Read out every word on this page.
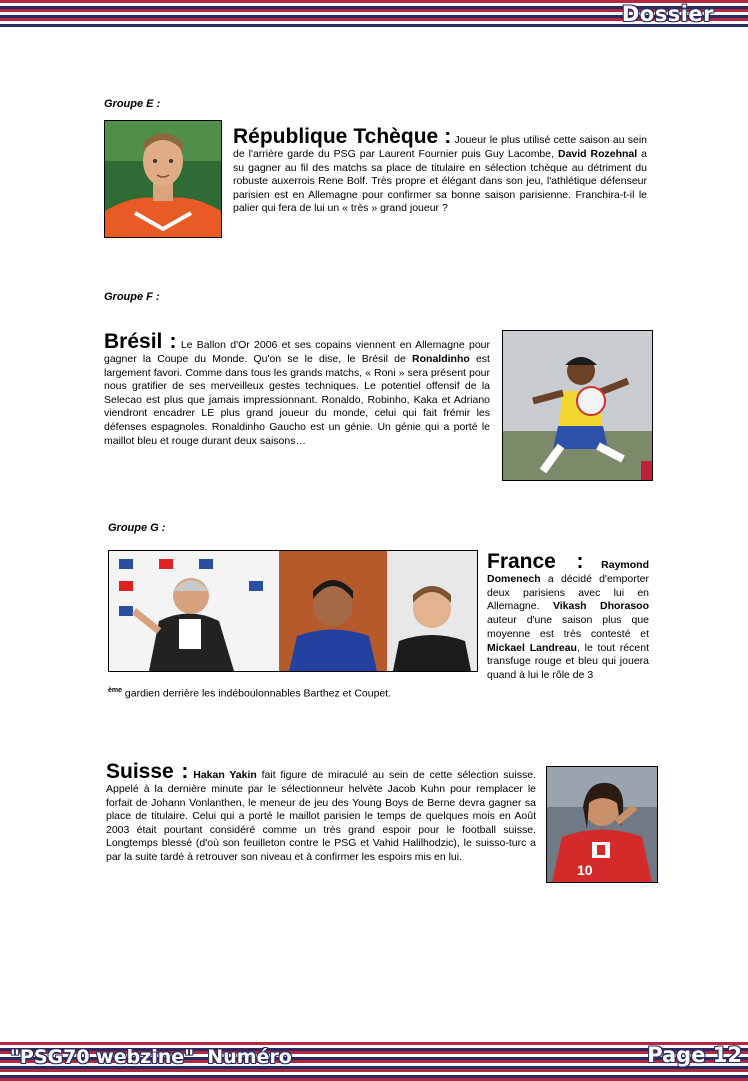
Dossier
Groupe E :

République Tchèque : Joueur le plus utilisé cette saison au sein de l'arrière garde du PSG par Laurent Fournier puis Guy Lacombe, David Rozehnal a su gagner au fil des matchs sa place de titulaire en sélection tchèque au détriment du robuste auxerrois Rene Bolf. Très propre et élégant dans son jeu, l'athlétique défenseur parisien est en Allemagne pour confirmer sa bonne saison parisienne. Franchira-t-il le palier qui fera de lui un « très » grand joueur ?

Groupe F :

Brésil : Le Ballon d'Or 2006 et ses copains viennent en Allemagne pour gagner la Coupe du Monde. Qu'on se le dise, le Brésil de Ronaldinho est largement favori. Comme dans tous les grands matchs, « Roni » sera présent pour nous gratifier de ses merveilleux gestes techniques. Le potentiel offensif de la Selecao est plus que jamais impressionnant. Ronaldo, Robinho, Kaka et Adriano viendront encadrer LE plus grand joueur du monde, celui qui fait frémir les défenses espagnoles. Ronaldinho Gaucho est un génie. Un génie qui a porté le maillot bleu et rouge durant deux saisons…

Groupe G :

France : Raymond Domenech a décidé d'emporter deux parisiens avec lui en Allemagne. Vikash Dhorasoo auteur d'une saison plus que moyenne est très contesté et Mickael Landreau, le tout récent transfuge rouge et bleu qui jouera quand à lui le rôle de 3

$^{ème}$ gardien derrière les indéboulonnables Barthez et Coupet.

Suisse : Hakan Yakin fait figure de miraculé au sein de cette sélection suisse. Appelé à la dernière minute par le sélectionneur helvète Jacob Kuhn pour remplacer le forfait de Johann Vonlanthen, le meneur de jeu des Young Boys de Berne devra gagner sa place de titulaire. Celui qui a porté le maillot parisien le temps de quelques mois en Août 2003 était pourtant considéré comme un très grand espoir pour le football suisse. Longtemps blessé (d'où son feuilleton contre le PSG et Vahid Halilhodzic), le suisso-turc a par la suite tardé à retrouver son niveau et à confirmer les espoirs mis en lui.

10
"PSG70 webzine"  Numéro	Page 12
